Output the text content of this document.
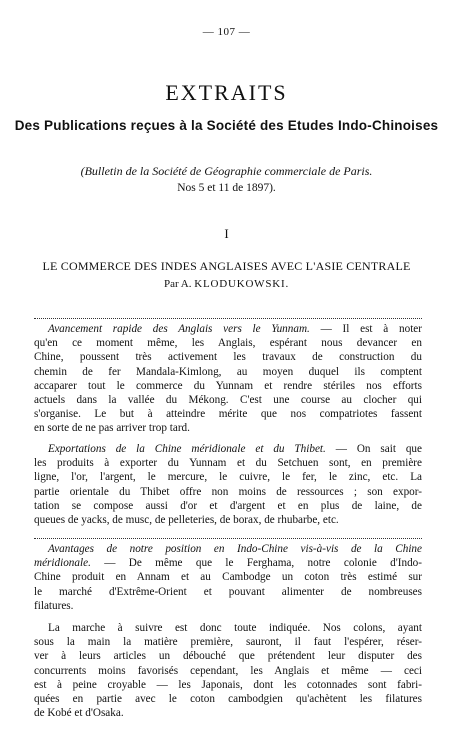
— 107 —
EXTRAITS
Des Publications reçues à la Société des Etudes Indo-Chinoises
(Bulletin de la Société de Géographie commerciale de Paris.
Nos 5 et 11 de 1897).
I
LE COMMERCE DES INDES ANGLAISES AVEC L'ASIE CENTRALE
Par A. KLODUKOWSKI.
Avancement rapide des Anglais vers le Yunnam. — Il est à noter
qu'en ce moment même, les Anglais, espérant nous devancer en
Chine, poussent très activement les travaux de construction du
chemin de fer Mandala-Kimlong, au moyen duquel ils comptent
accaparer tout le commerce du Yunnam et rendre stériles nos efforts
actuels dans la vallée du Mékong. C'est une course au clocher qui
s'organise. Le but à atteindre mérite que nos compatriotes fassent
en sorte de ne pas arriver trop tard.
Exportations de la Chine méridionale et du Thibet. — On sait que
les produits à exporter du Yunnam et du Setchuen sont, en première
ligne, l'or, l'argent, le mercure, le cuivre, le fer, le zinc, etc. La
partie orientale du Thibet offre non moins de ressources ; son expor-
tation se compose aussi d'or et d'argent et en plus de laine, de
queues de yacks, de musc, de pelleteries, de borax, de rhubarbe, etc.
Avantages de notre position en Indo-Chine vis-à-vis de la Chine
méridionale. — De même que le Ferghama, notre colonie d'Indo-
Chine produit en Annam et au Cambodge un coton très estimé sur
le marché d'Extrême-Orient et pouvant alimenter de nombreuses
filatures.
La marche à suivre est donc toute indiquée. Nos colons, ayant
sous la main la matière première, sauront, il faut l'espérer, réser-
ver à leurs articles un débouché que prétendent leur disputer des
concurrents moins favorisés cependant, les Anglais et même — ceci
est à peine croyable — les Japonais, dont les cotonnades sont fabri-
quées en partie avec le coton cambodgien qu'achètent les filatures
de Kobé et d'Osaka.
